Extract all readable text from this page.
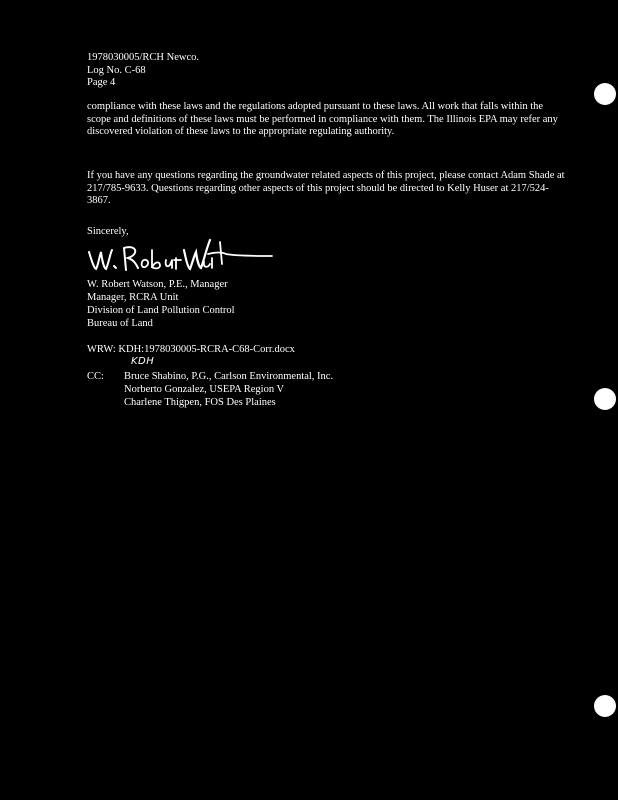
1978030005/RCH Newco.
Log No. C-68
Page 4

compliance with these laws and the regulations adopted pursuant to these laws. All work that falls within the scope and definitions of these laws must be performed in compliance with them. The Illinois EPA may refer any discovered violation of these laws to the appropriate regulating authority.

If you have any questions regarding the groundwater related aspects of this project, please contact Adam Shade at 217/785-9633. Questions regarding other aspects of this project should be directed to Kelly Huser at 217/524-3867.

Sincerely,
W. Robert Watson
W. Robert Watson, P.E., Manager
Manager, RCRA Unit
Division of Land Pollution Control
Bureau of Land
WRW: KDH:1978030005-RCRA-C68-Corr.docx
KDH
CC: Bruce Shabino, P.G., Carlson Environmental, Inc.
Norberto Gonzalez, USEPA Region V
Charlene Thigpen, FOS Des Plaines
